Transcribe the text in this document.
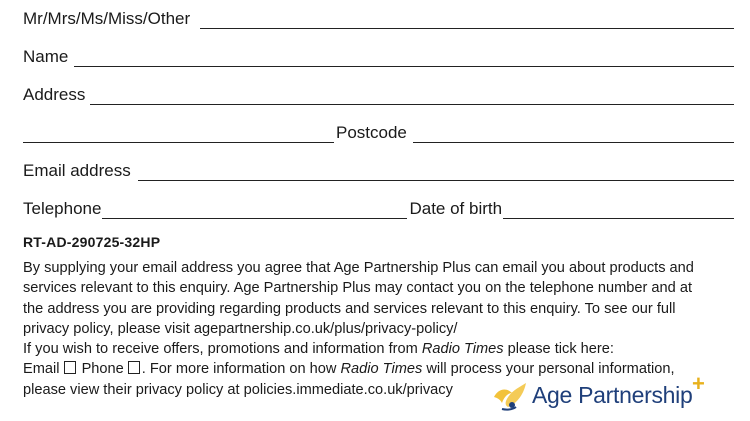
Mr/Mrs/Ms/Miss/Other
Name
Address
Postcode
Email address
Telephone	Date of birth
RT-AD-290725-32HP

By supplying your email address you agree that Age Partnership Plus can email you about products and

services relevant to this enquiry. Age Partnership Plus may contact you on the telephone number and at

the address you are providing regarding products and services relevant to this enquiry. To see our full

privacy policy, please visit agepartnership.co.uk/plus/privacy-policy/

If you wish to receive offers, promotions and information from Radio Times please tick here:

Email Phone . For more information on how Radio Times will process your personal information,

please view their privacy policy at policies.immediate.co.uk/privacy	Age Partnership +
